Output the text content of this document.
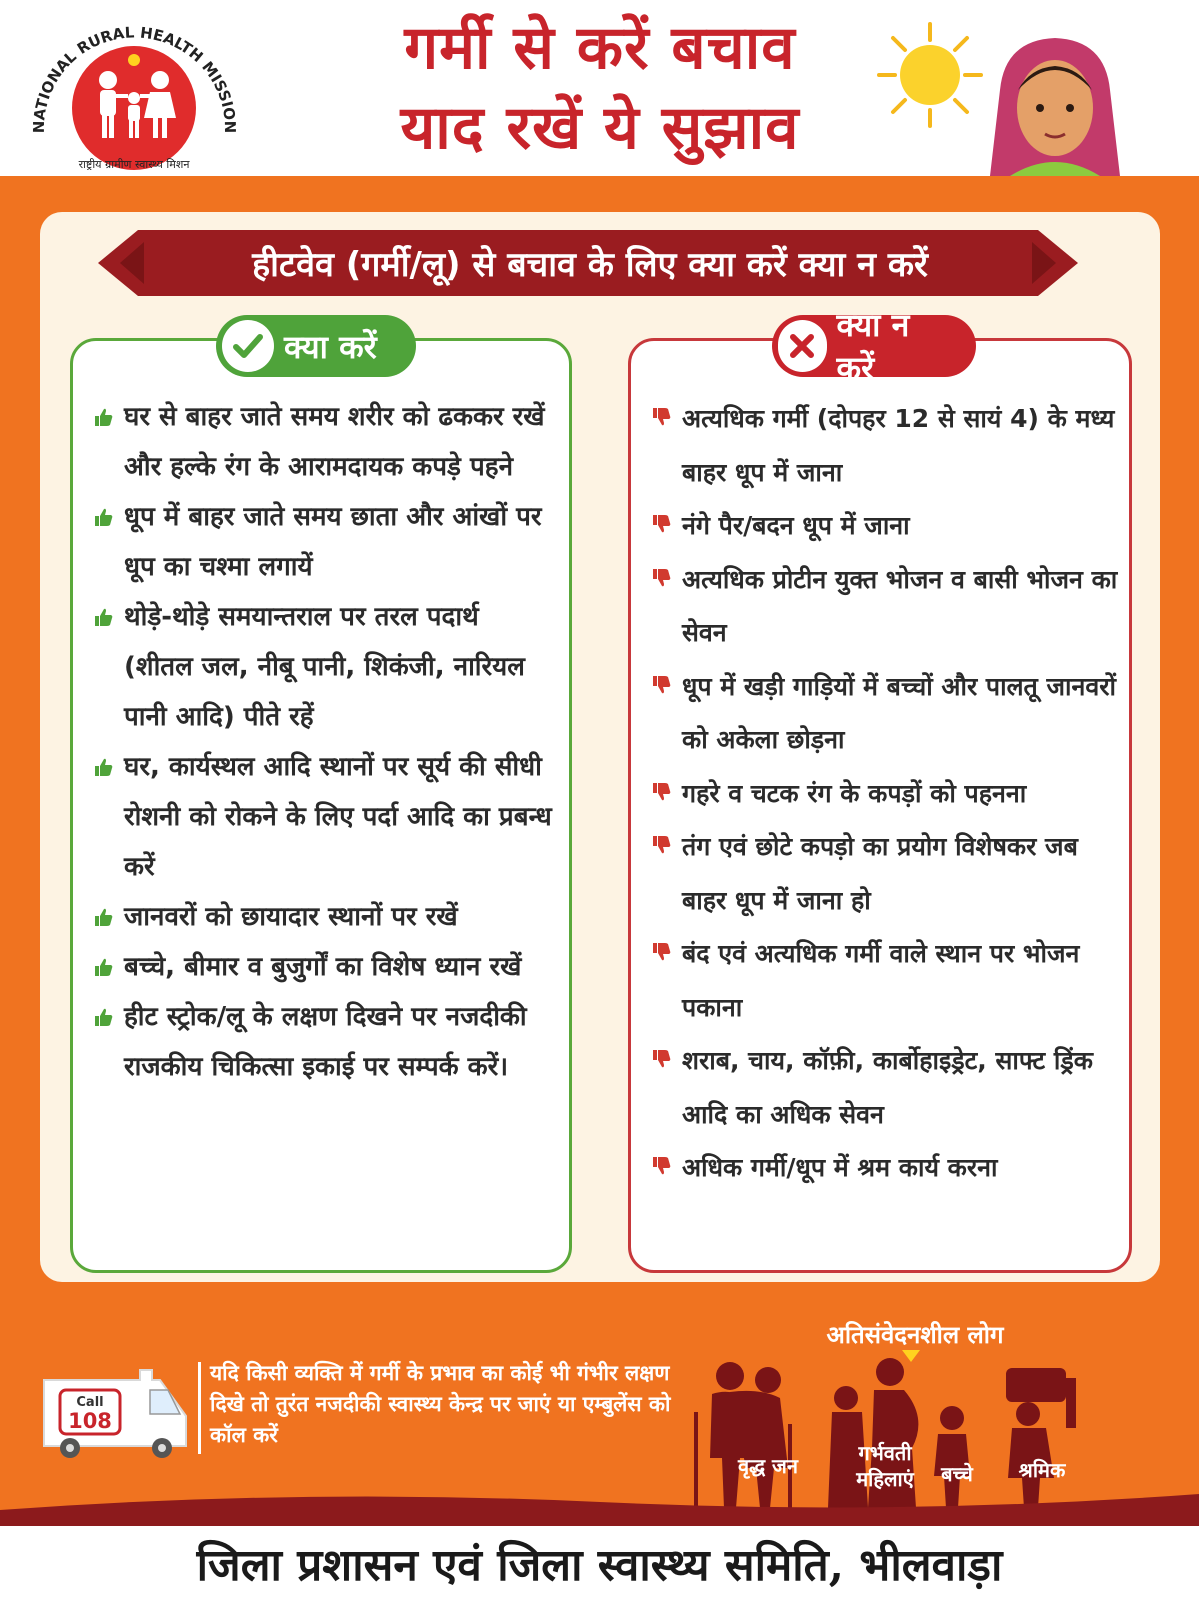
NATIONAL RURAL HEALTH MISSION
राष्ट्रीय ग्रामीण स्वास्थ्य मिशन
गर्मी से करें बचाव
याद रखें ये सुझाव
हीटवेव (गर्मी/लू) से बचाव के लिए क्या करें क्या न करें
क्या करें
घर से बाहर जाते समय शरीर को ढककर रखें और हल्के रंग के आरामदायक कपड़े पहने
धूप में बाहर जाते समय छाता और आंखों पर धूप का चश्मा लगायें
थोड़े-थोड़े समयान्तराल पर तरल पदार्थ (शीतल जल, नीबू पानी, शिकंजी, नारियल पानी आदि) पीते रहें
घर, कार्यस्थल आदि स्थानों पर सूर्य की सीधी रोशनी को रोकने के लिए पर्दा आदि का प्रबन्ध करें
जानवरों को छायादार स्थानों पर रखें
बच्चे, बीमार व बुजुर्गों का विशेष ध्यान रखें
हीट स्ट्रोक/लू के लक्षण दिखने पर नजदीकी राजकीय चिकित्सा इकाई पर सम्पर्क करें।
क्या न करें
अत्यधिक गर्मी (दोपहर 12 से सायं 4) के मध्य बाहर धूप में जाना
नंगे पैर/बदन धूप में जाना
अत्यधिक प्रोटीन युक्त भोजन व बासी भोजन का सेवन
धूप में खड़ी गाड़ियों में बच्चों और पालतू जानवरों को अकेला छोड़ना
गहरे व चटक रंग के कपड़ों को पहनना
तंग एवं छोटे कपड़ो का प्रयोग विशेषकर जब बाहर धूप में जाना हो
बंद एवं अत्यधिक गर्मी वाले स्थान पर भोजन पकाना
शराब, चाय, कॉफ़ी, कार्बोहाइड्रेट, साफ्ट ड्रिंक आदि का अधिक सेवन
अधिक गर्मी/धूप में श्रम कार्य करना
Call
108
यदि किसी व्यक्ति में गर्मी के प्रभाव का कोई भी गंभीर लक्षण दिखे तो तुरंत नजदीकी स्वास्थ्य केन्द्र पर जाएं या एम्बुलेंस को कॉल करें
अतिसंवेदनशील लोग
वृद्ध जन
गर्भवती महिलाएं	बच्चे	श्रमिक
जिला प्रशासन एवं जिला स्वास्थ्य समिति, भीलवाड़ा
